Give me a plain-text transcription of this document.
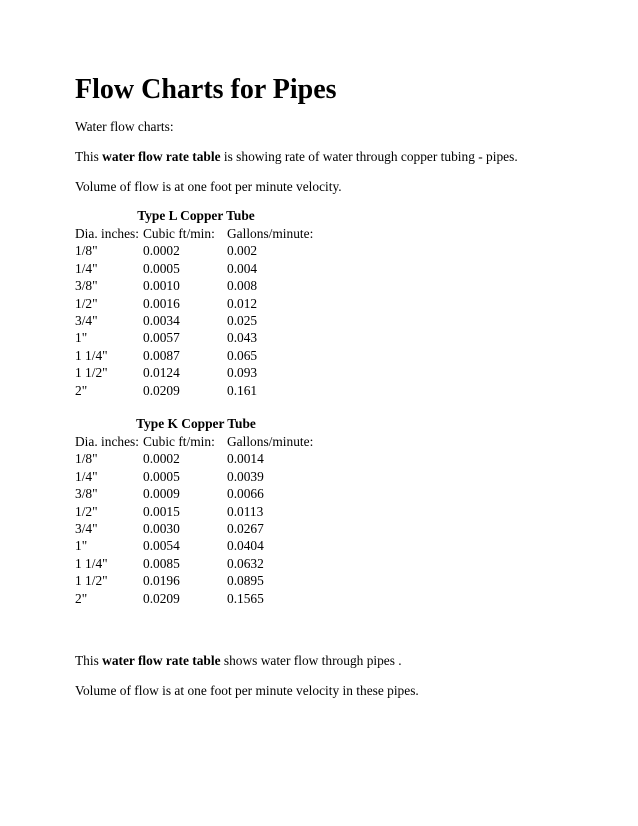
Flow Charts for Pipes

Water flow charts:

This water flow rate table is showing rate of water through copper tubing - pipes.

Volume of flow is at one foot per minute velocity.

Type L Copper Tube
Dia. inches:	Cubic ft/min:	Gallons/minute:
1/8"	0.0002	0.002
1/4"	0.0005	0.004
3/8"	0.0010	0.008
1/2"	0.0016	0.012
3/4"	0.0034	0.025
1"	0.0057	0.043
1 1/4"	0.0087	0.065
1 1/2"	0.0124	0.093
2"	0.0209	0.161
Type K Copper Tube
Dia. inches:	Cubic ft/min:	Gallons/minute:
1/8"	0.0002	0.0014
1/4"	0.0005	0.0039
3/8"	0.0009	0.0066
1/2"	0.0015	0.0113
3/4"	0.0030	0.0267
1"	0.0054	0.0404
1 1/4"	0.0085	0.0632
1 1/2"	0.0196	0.0895
2"	0.0209	0.1565

This water flow rate table shows water flow through pipes .

Volume of flow is at one foot per minute velocity in these pipes.
